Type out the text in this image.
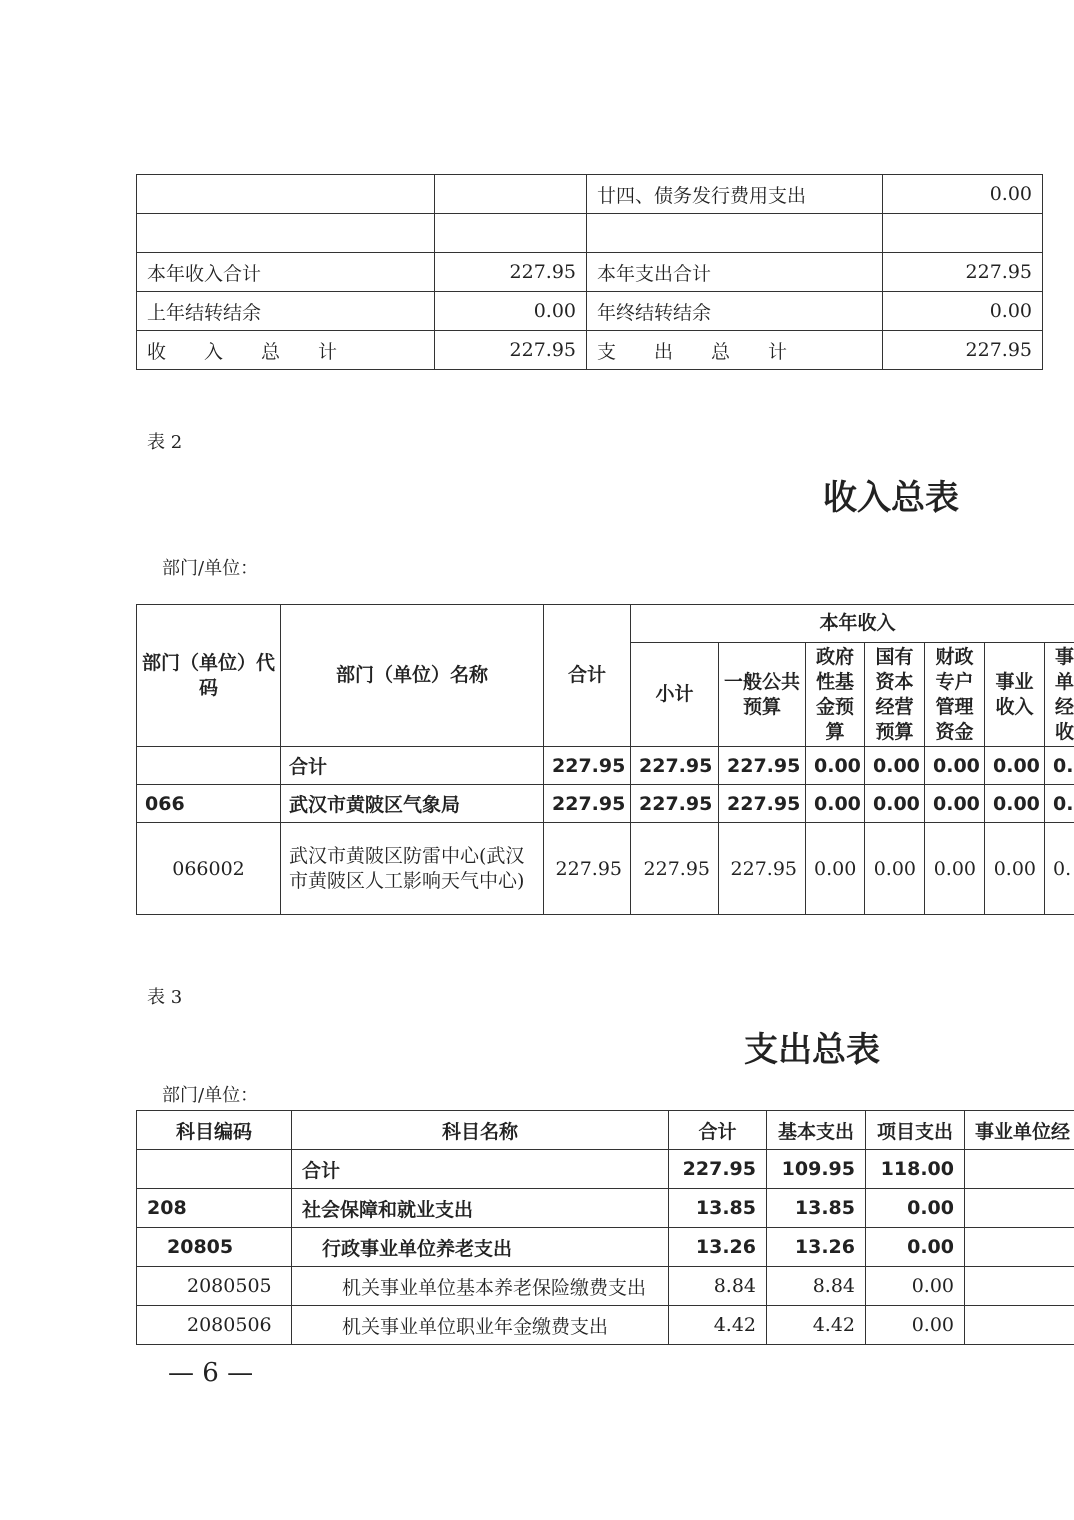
		廿四、债务发行费用支出	0.00

本年收入合计	227.95	本年支出合计	227.95
上年结转结余	0.00	年终结转结余	0.00
收　　入　　总　　计	227.95	支　　出　　总　　计	227.95
表 2
收入总表
部门/单位：
部门（单位）代码	部门（单位）名称	合计	本年收入						
			小计	一般公共预算	政府性基金预算	国有资本经营预算	财政专户管理资金	事业收入	事单经收
	合计	227.95	227.95	227.95	0.00	0.00	0.00	0.00	0.
066	武汉市黄陂区气象局	227.95	227.95	227.95	0.00	0.00	0.00	0.00	0.
066002	武汉市黄陂区防雷中心(武汉市黄陂区人工影响天气中心)	227.95	227.95	227.95	0.00	0.00	0.00	0.00	0.
表 3
支出总表
部门/单位：
科目编码	科目名称	合计	基本支出	项目支出	事业单位经
	合计	227.95	109.95	118.00	
208	社会保障和就业支出	13.85	13.85	0.00	
20805	行政事业单位养老支出	13.26	13.26	0.00	
2080505	机关事业单位基本养老保险缴费支出	8.84	8.84	0.00	
2080506	机关事业单位职业年金缴费支出	4.42	4.42	0.00	
— 6 —
